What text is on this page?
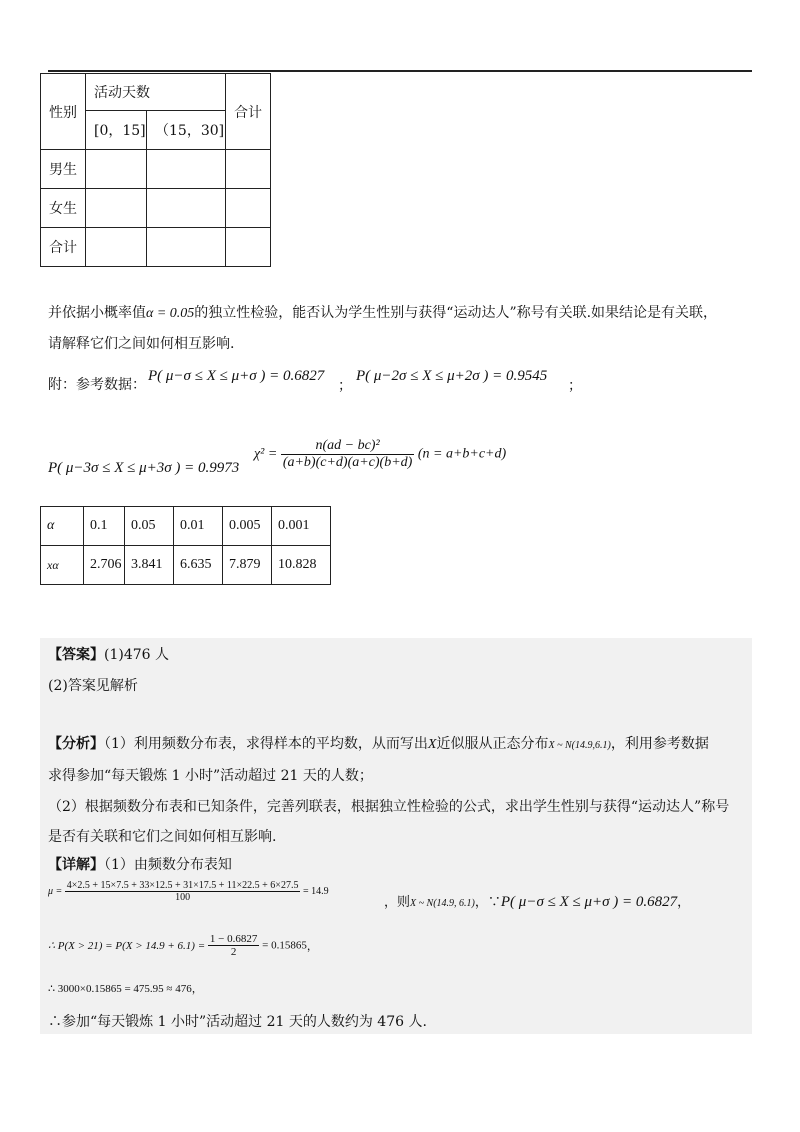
性别	活动天数		合计
	[0，15]	（15，30]	
男生			
女生			
合计			
并依据小概率值α = 0.05的独立性检验，能否认为学生性别与获得“运动达人”称号有关联.如果结论是有关联，
请解释它们之间如何相互影响.
附：参考数据：
P( μ−σ ≤ X ≤ μ+σ ) = 0.6827
；
P( μ−2σ ≤ X ≤ μ+2σ ) = 0.9545
；
P( μ−3σ ≤ X ≤ μ+3σ ) = 0.9973
$\chi^2 = \frac{\text{n(ad − bc)²}}{(a+b)(c+d)(a+c)(b+d)} (n = a+b+c+d)$
α	0.1	0.05	0.01	0.005	0.001
xα	2.706	3.841	6.635	7.879	10.828
【答案】(1)476 人
(2)答案见解析
【分析】（1）利用频数分布表，求得样本的平均数，从而写出X近似服从正态分布X ~ N(14.9,6.1)，利用参考数据
求得参加“每天锻炼 1 小时”活动超过 21 天的人数；
（2）根据频数分布表和已知条件，完善列联表，根据独立性检验的公式，求出学生性别与获得“运动达人”称号
是否有关联和它们之间如何相互影响.
【详解】（1）由频数分布表知
$\mu = \frac{4\times 2.5 + 15\times 7.5 + 33\times 12.5 + 31\times 17.5 + 11\times 22.5 + 6\times 27.5}{100} = 14.9$
，则X ~ N(14.9, 6.1)，∵P( μ−σ ≤ X ≤ μ+σ ) = 0.6827，
∴ $P(X > 21) = P(X > 14.9 + 6.1) = \frac{1 - 0.6827}{2} = 0.15865$，
∴ 3000×0.15865 = 475.95 ≈ 476，
∴参加“每天锻炼 1 小时”活动超过 21 天的人数约为 476 人.
